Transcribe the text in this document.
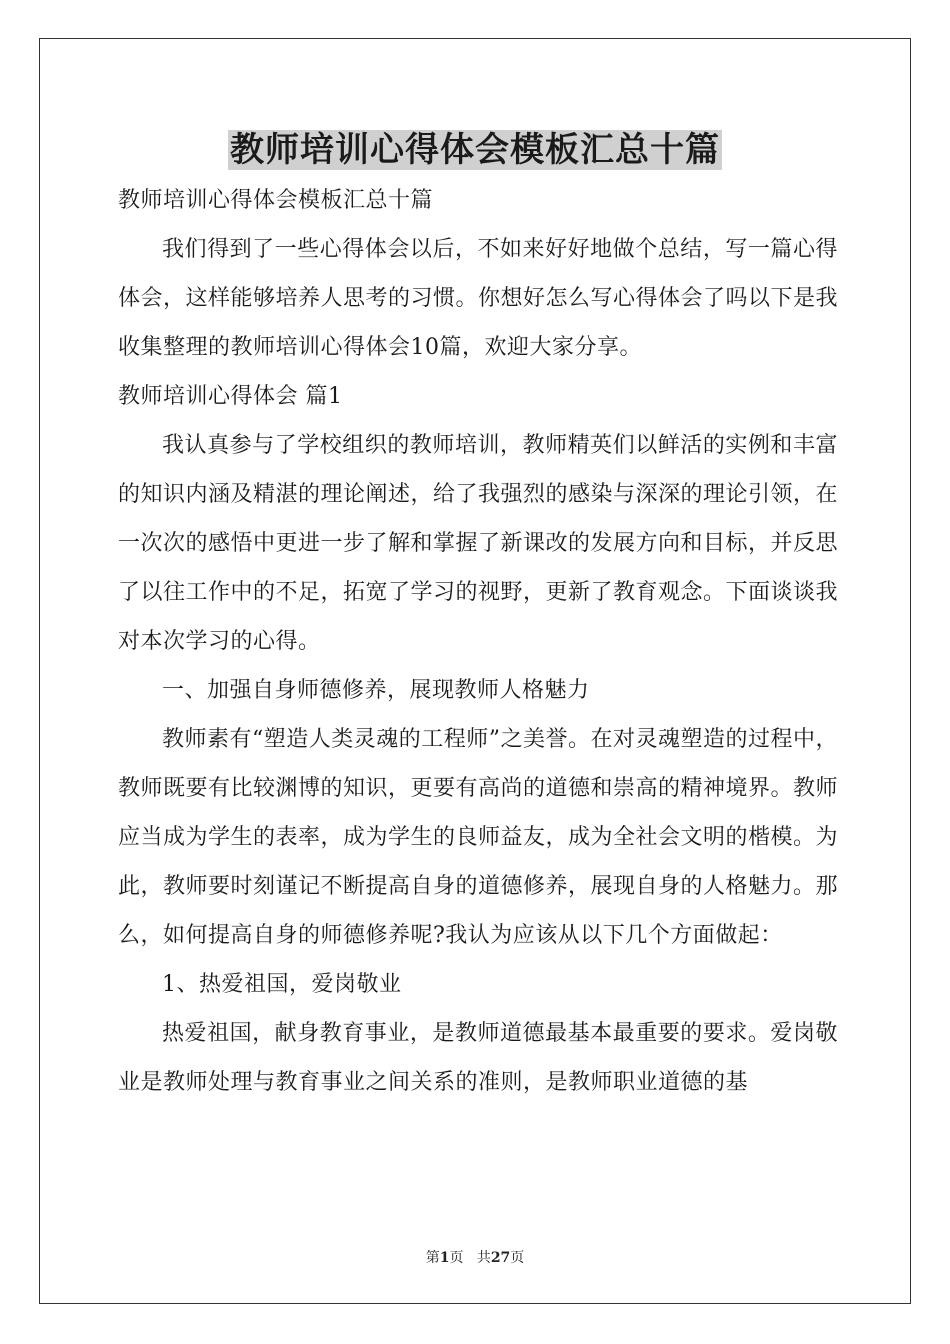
教师培训心得体会模板汇总十篇

教师培训心得体会模板汇总十篇

我们得到了一些心得体会以后，不如来好好地做个总结，写一篇心得体会，这样能够培养人思考的习惯。你想好怎么写心得体会了吗以下是我收集整理的教师培训心得体会10篇，欢迎大家分享。

教师培训心得体会 篇1

我认真参与了学校组织的教师培训，教师精英们以鲜活的实例和丰富的知识内涵及精湛的理论阐述，给了我强烈的感染与深深的理论引领，在一次次的感悟中更进一步了解和掌握了新课改的发展方向和目标，并反思了以往工作中的不足，拓宽了学习的视野，更新了教育观念。下面谈谈我对本次学习的心得。

一、加强自身师德修养，展现教师人格魅力

教师素有“塑造人类灵魂的工程师”之美誉。在对灵魂塑造的过程中，教师既要有比较渊博的知识，更要有高尚的道德和崇高的精神境界。教师应当成为学生的表率，成为学生的良师益友，成为全社会文明的楷模。为此，教师要时刻谨记不断提高自身的道德修养，展现自身的人格魅力。那么，如何提高自身的师德修养呢?我认为应该从以下几个方面做起：

1、热爱祖国，爱岗敬业

热爱祖国，献身教育事业，是教师道德最基本最重要的要求。爱岗敬业是教师处理与教育事业之间关系的准则，是教师职业道德的基

第1页 共27页
